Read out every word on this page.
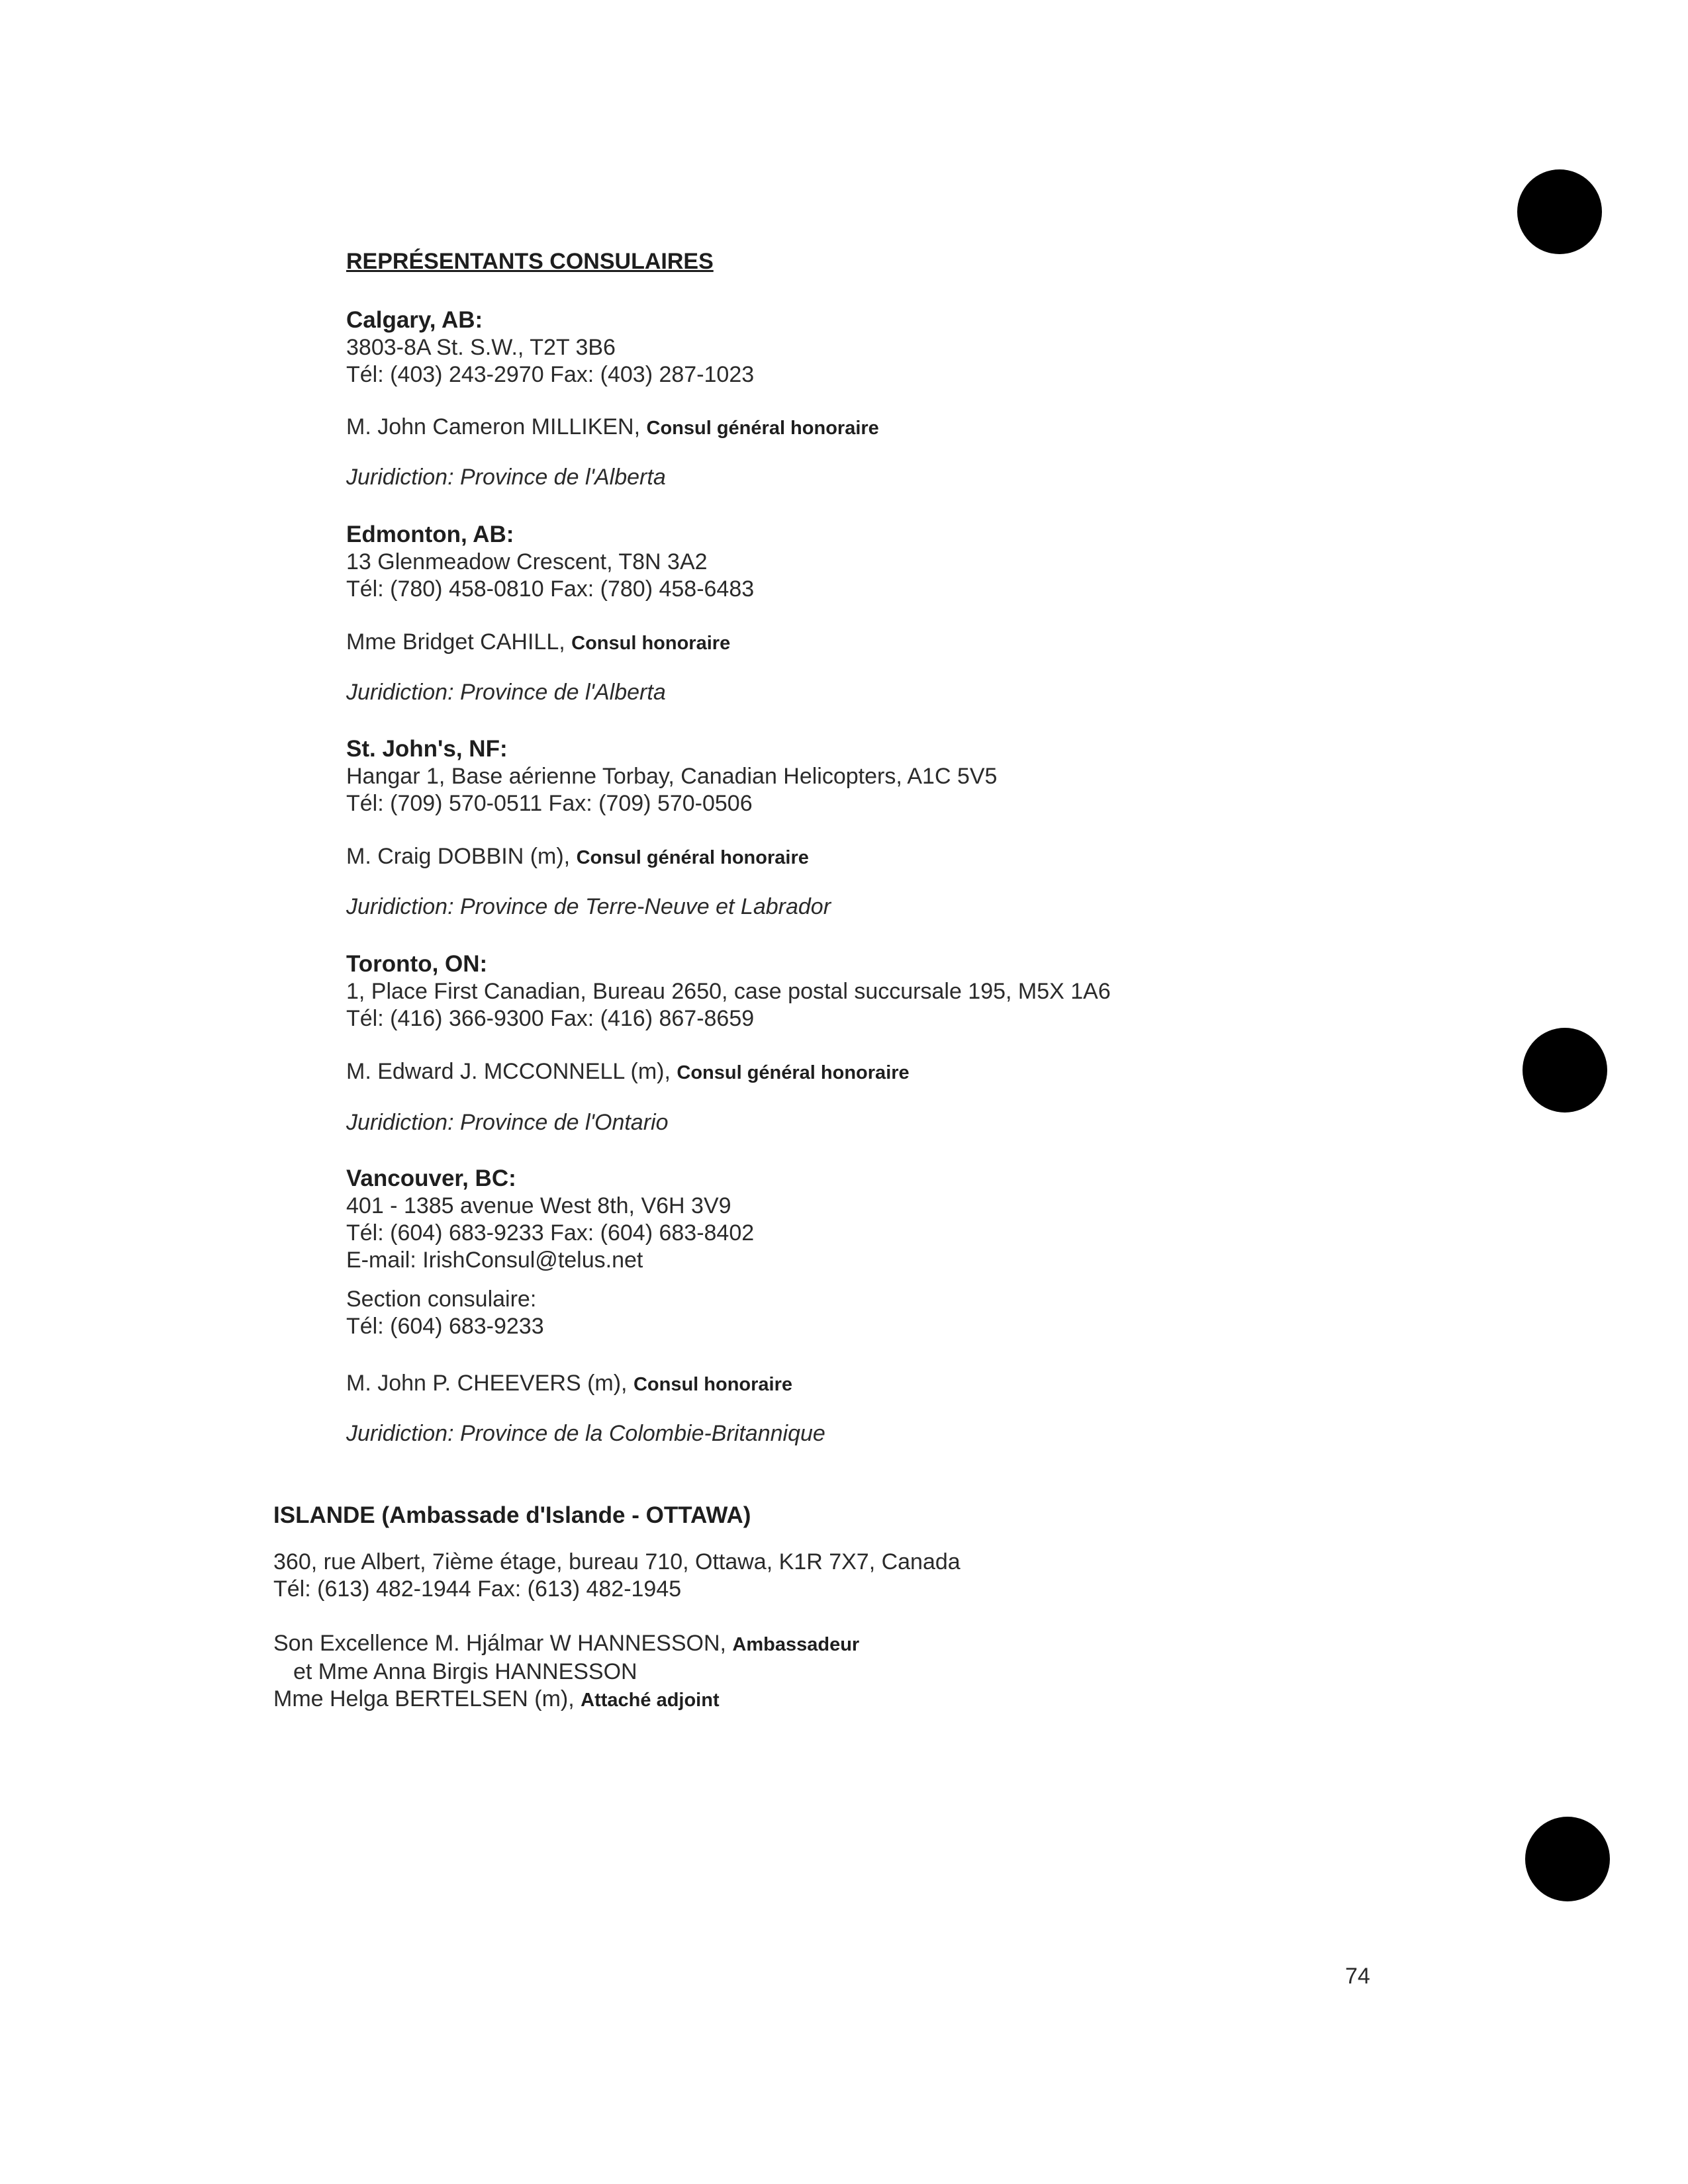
REPRÉSENTANTS CONSULAIRES
Calgary, AB:
3803-8A St. S.W., T2T 3B6
Tél: (403) 243-2970 Fax: (403) 287-1023
M. John Cameron MILLIKEN, Consul général honoraire
Juridiction: Province de l'Alberta
Edmonton, AB:
13 Glenmeadow Crescent, T8N 3A2
Tél: (780) 458-0810 Fax: (780) 458-6483
Mme Bridget CAHILL, Consul honoraire
Juridiction: Province de l'Alberta
St. John's, NF:
Hangar 1, Base aérienne Torbay, Canadian Helicopters, A1C 5V5
Tél: (709) 570-0511 Fax: (709) 570-0506
M. Craig DOBBIN (m), Consul général honoraire
Juridiction: Province de Terre-Neuve et Labrador
Toronto, ON:
1, Place First Canadian, Bureau 2650, case postal succursale 195, M5X 1A6
Tél: (416) 366-9300 Fax: (416) 867-8659
M. Edward J. MCCONNELL (m), Consul général honoraire
Juridiction: Province de l'Ontario
Vancouver, BC:
401 - 1385 avenue West 8th, V6H 3V9
Tél: (604) 683-9233 Fax: (604) 683-8402
E-mail: IrishConsul@telus.net
Section consulaire:
Tél: (604) 683-9233
M. John P. CHEEVERS (m), Consul honoraire
Juridiction: Province de la Colombie-Britannique
ISLANDE (Ambassade d'Islande - OTTAWA)
360, rue Albert, 7ième étage, bureau 710, Ottawa, K1R 7X7, Canada
Tél: (613) 482-1944 Fax: (613) 482-1945
Son Excellence M. Hjálmar W HANNESSON, Ambassadeur
et Mme Anna Birgis HANNESSON
Mme Helga BERTELSEN (m), Attaché adjoint
74
